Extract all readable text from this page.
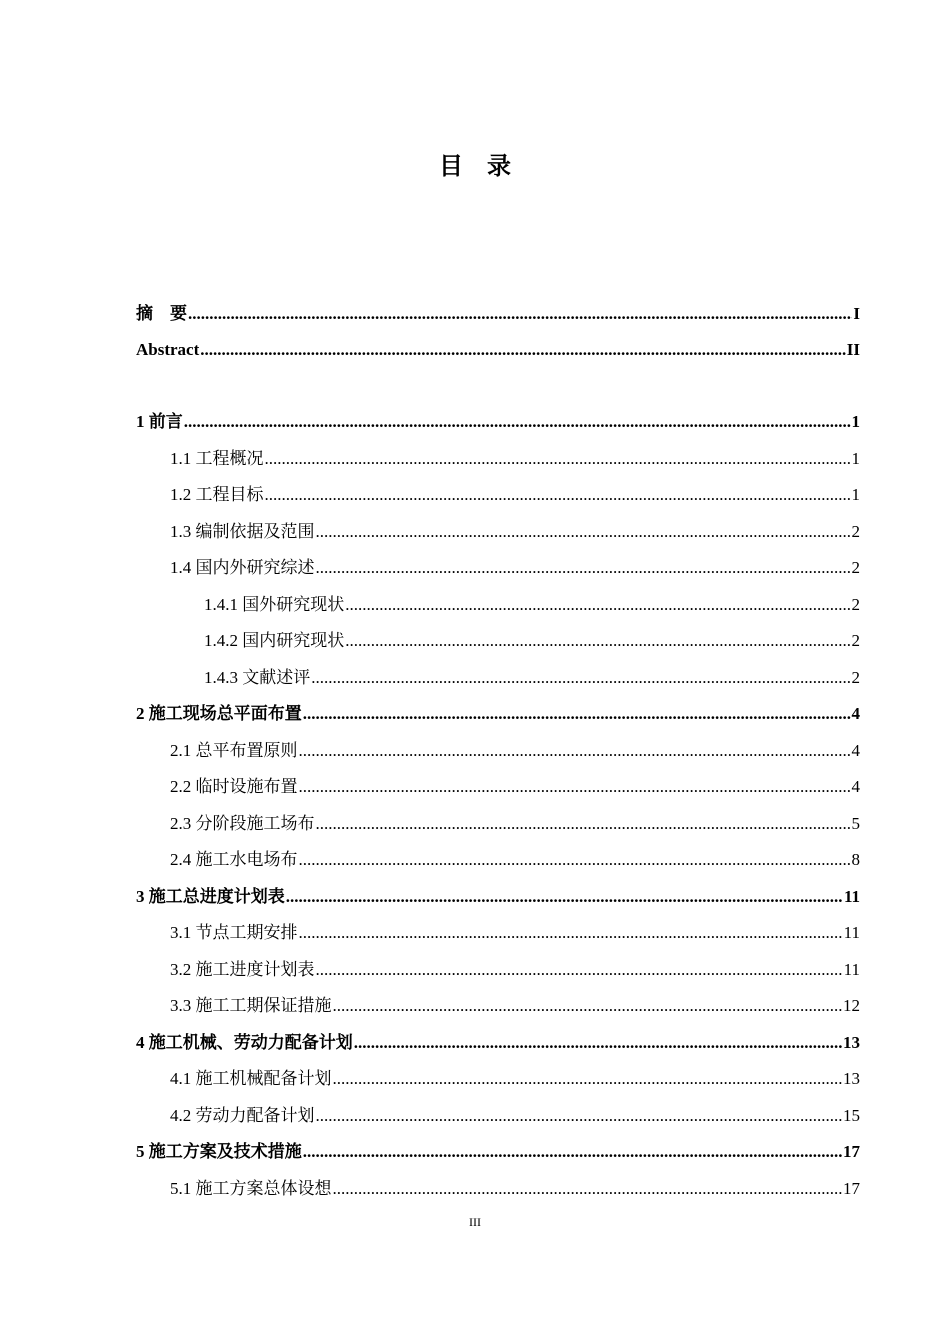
目　录
摘　要 .....	I
Abstract .....	II
1 前言 .....	1
1.1 工程概况 .....	1
1.2 工程目标 .....	1
1.3 编制依据及范围 .....	2
1.4 国内外研究综述 .....	2
1.4.1 国外研究现状 .....	2
1.4.2 国内研究现状 .....	2
1.4.3 文献述评 .....	2
2 施工现场总平面布置 .....	4
2.1 总平布置原则 .....	4
2.2 临时设施布置 .....	4
2.3 分阶段施工场布 .....	5
2.4 施工水电场布 .....	8
3 施工总进度计划表 .....	11
3.1 节点工期安排 .....	11
3.2 施工进度计划表 .....	11
3.3 施工工期保证措施 .....	12
4 施工机械、劳动力配备计划 .....	13
4.1 施工机械配备计划 .....	13
4.2 劳动力配备计划 .....	15
5 施工方案及技术措施 .....	17
5.1 施工方案总体设想 .....	17
III
